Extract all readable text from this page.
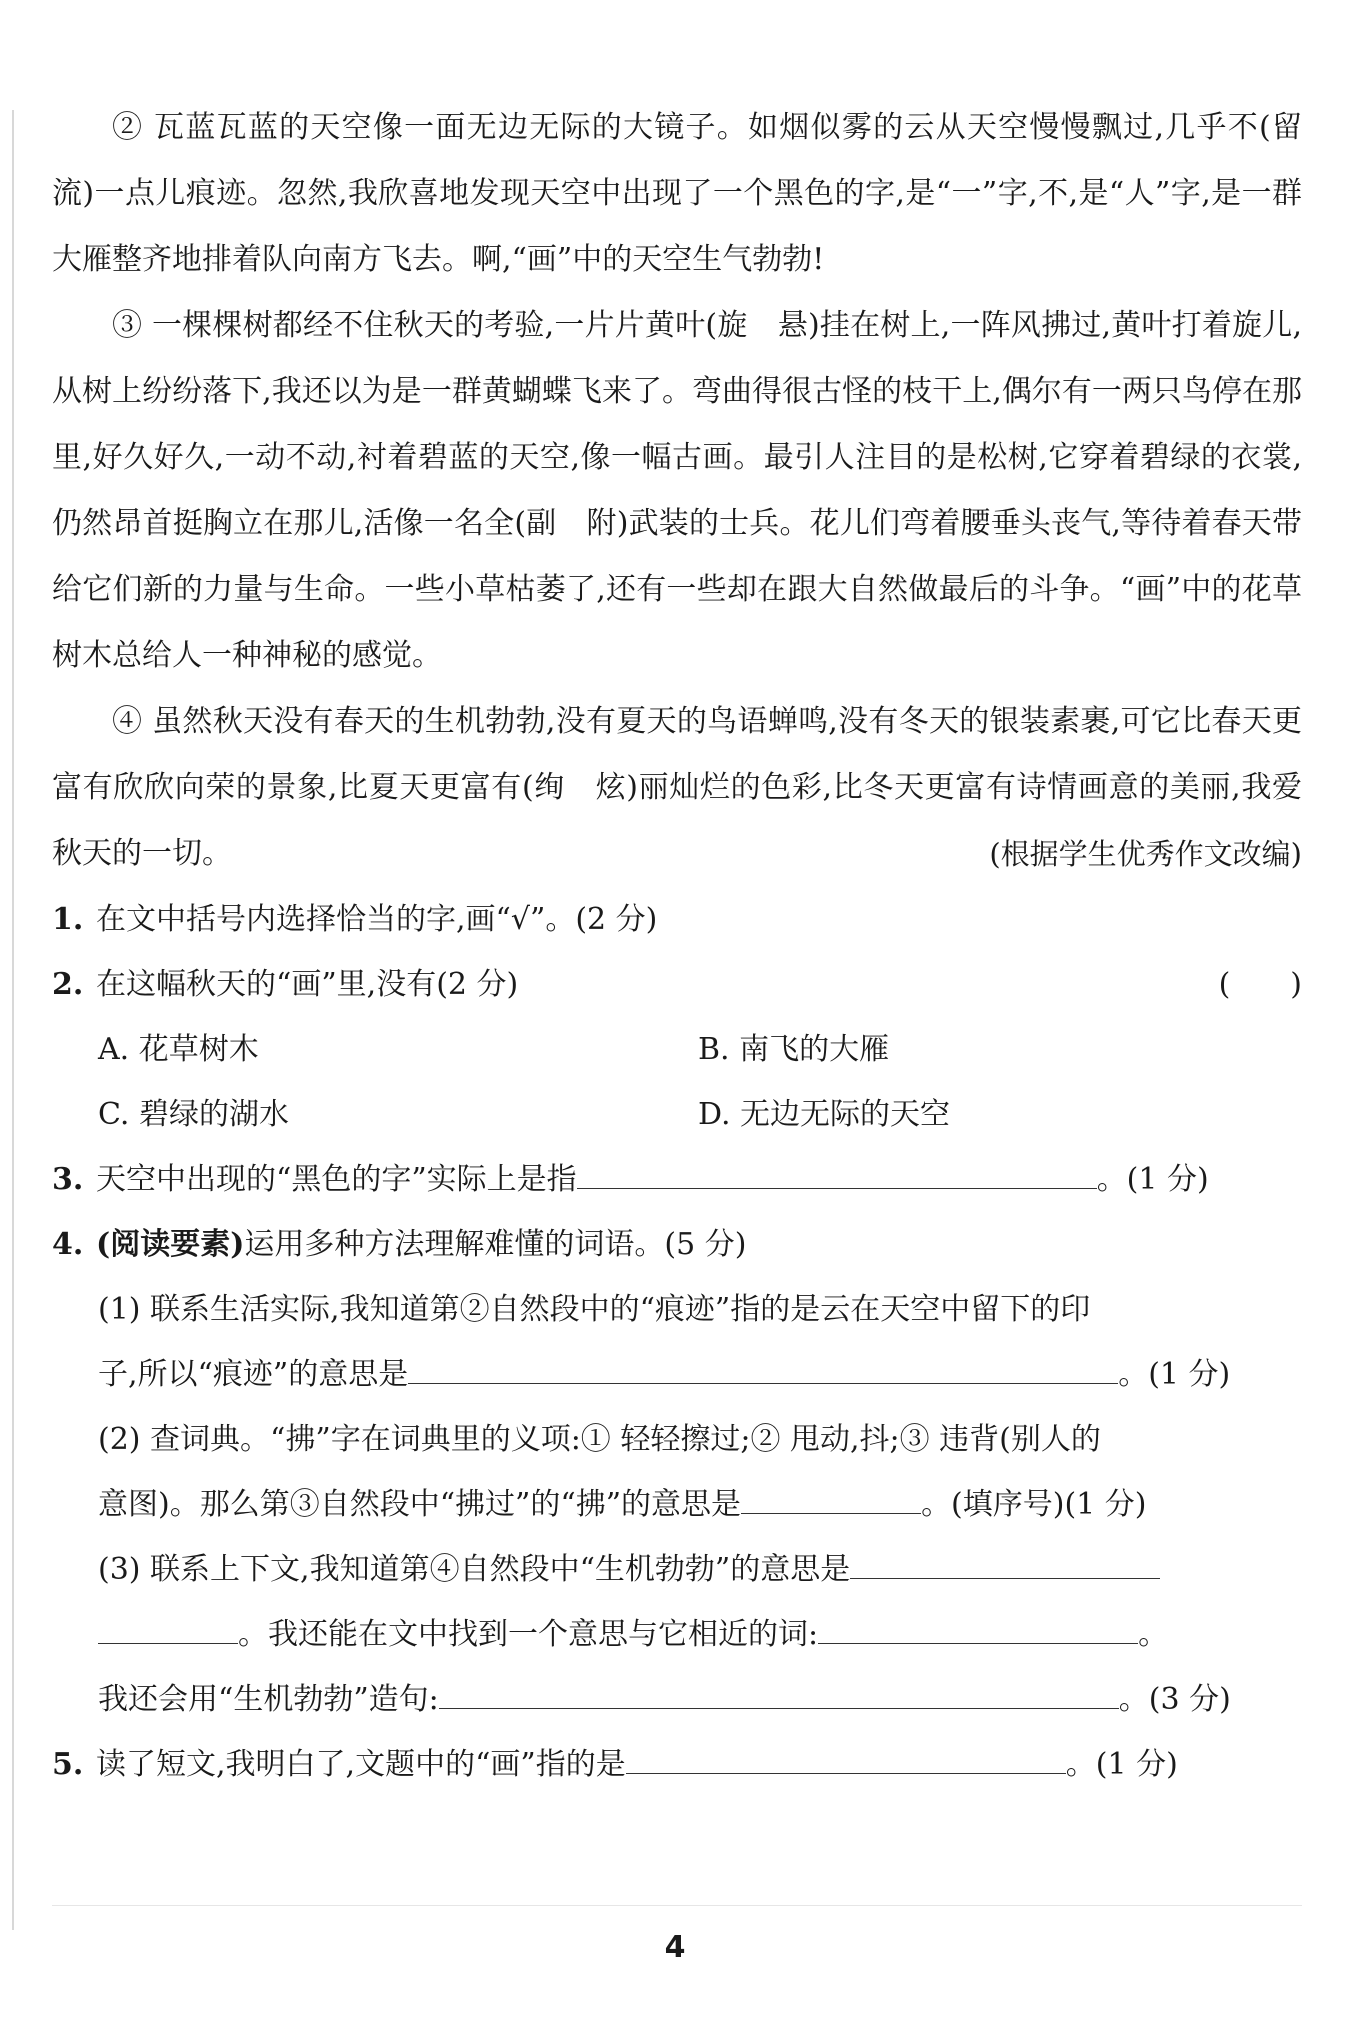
② 瓦蓝瓦蓝的天空像一面无边无际的大镜子。如烟似雾的云从天空慢慢飘过,几乎不(留　流)一点儿痕迹。忽然,我欣喜地发现天空中出现了一个黑色的字,是“一”字,不,是“人”字,是一群大雁整齐地排着队向南方飞去。啊,“画”中的天空生气勃勃!

③ 一棵棵树都经不住秋天的考验,一片片黄叶(旋　悬)挂在树上,一阵风拂过,黄叶打着旋儿,从树上纷纷落下,我还以为是一群黄蝴蝶飞来了。弯曲得很古怪的枝干上,偶尔有一两只鸟停在那里,好久好久,一动不动,衬着碧蓝的天空,像一幅古画。最引人注目的是松树,它穿着碧绿的衣裳,仍然昂首挺胸立在那儿,活像一名全(副　附)武装的士兵。花儿们弯着腰垂头丧气,等待着春天带给它们新的力量与生命。一些小草枯萎了,还有一些却在跟大自然做最后的斗争。“画”中的花草树木总给人一种神秘的感觉。

④ 虽然秋天没有春天的生机勃勃,没有夏天的鸟语蝉鸣,没有冬天的银装素裹,可它比春天更富有欣欣向荣的景象,比夏天更富有(绚　炫)丽灿烂的色彩,比冬天更富有诗情画意的美丽,我爱秋天的一切。	(根据学生优秀作文改编)
1. 在文中括号内选择恰当的字,画“√”。(2 分)
2. 在这幅秋天的“画”里,没有(2 分)	(　　)
A. 花草树木	B. 南飞的大雁
C. 碧绿的湖水	D. 无边无际的天空
3. 天空中出现的“黑色的字”实际上是指	。(1 分)
4. (阅读要素)运用多种方法理解难懂的词语。(5 分)
(1) 联系生活实际,我知道第②自然段中的“痕迹”指的是云在天空中留下的印
子,所以“痕迹”的意思是	。(1 分)
(2) 查词典。“拂”字在词典里的义项:① 轻轻擦过;② 甩动,抖;③ 违背(别人的
意图)。那么第③自然段中“拂过”的“拂”的意思是	。(填序号)(1 分)
(3) 联系上下文,我知道第④自然段中“生机勃勃”的意思是
。我还能在文中找到一个意思与它相近的词:	。
我还会用“生机勃勃”造句:	。(3 分)
5. 读了短文,我明白了,文题中的“画”指的是	。(1 分)
4
